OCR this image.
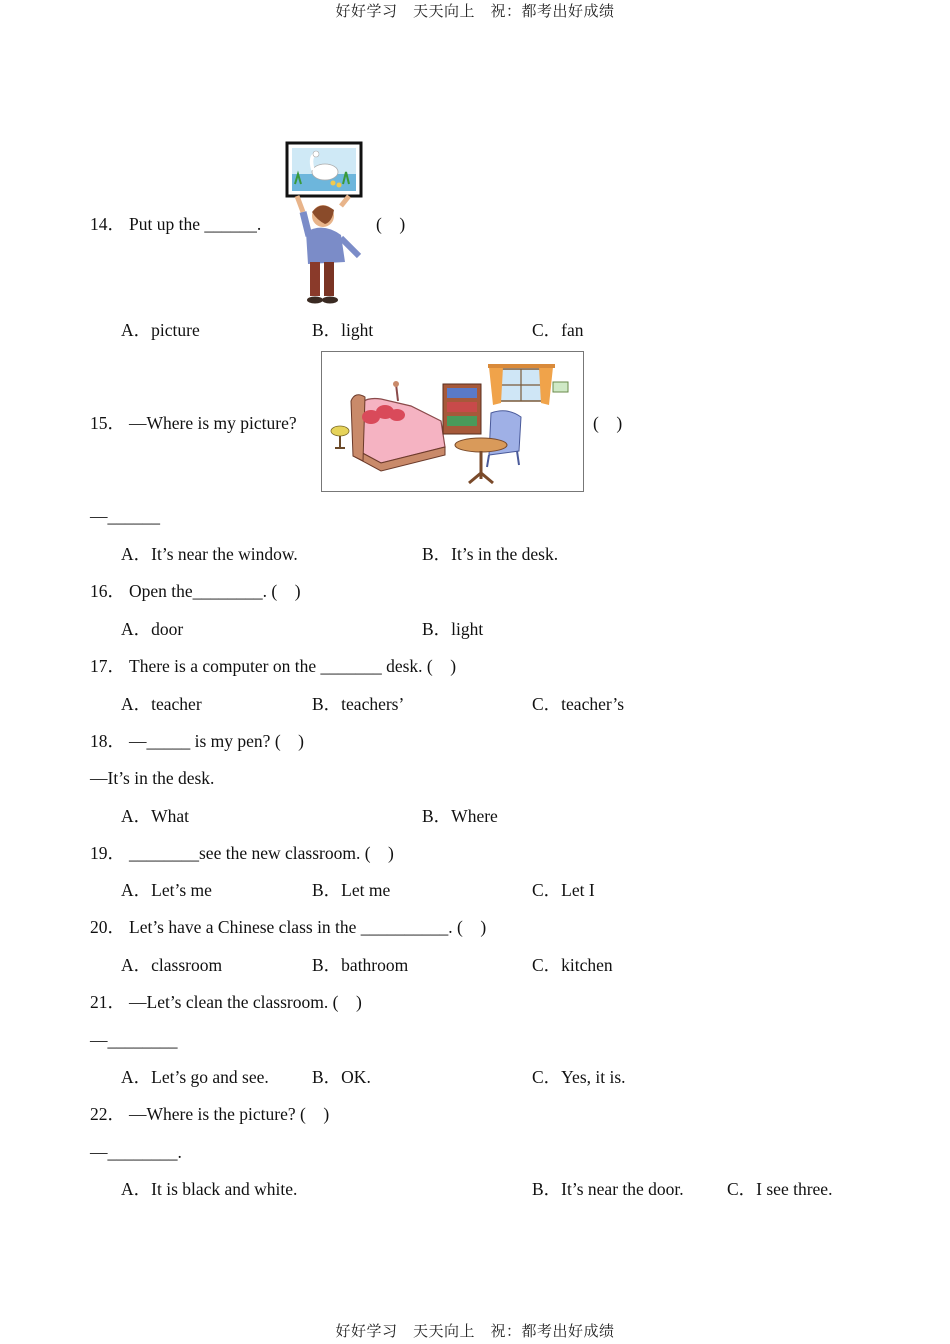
好好学习　天天向上　祝：都考出好成绩
14． Put up the ______.	(　)
A．picture	B．light	C．fan
15． —Where is my picture?	(　)
—______
A．It’s near the window.	B．It’s in the desk.
16． Open the________. (　)
A．door	B．light
17． There is a computer on the _______ desk. (　)
A．teacher	B．teachers’	C．teacher’s
18． —_____ is my pen? (　)
—It’s in the desk.
A．What	B．Where
19． ________see the new classroom. (　)
A．Let’s me	B．Let me	C．Let I
20． Let’s have a Chinese class in the __________. (　)
A．classroom	B．bathroom	C．kitchen
21． —Let’s clean the classroom. (　)
—________
A．Let’s go and see. B．OK.	C．Yes, it is.
22． —Where is the picture? (　)
—________.
A．It is black and white.	B．It’s near the door. C．I see three.
好好学习　天天向上　祝：都考出好成绩
